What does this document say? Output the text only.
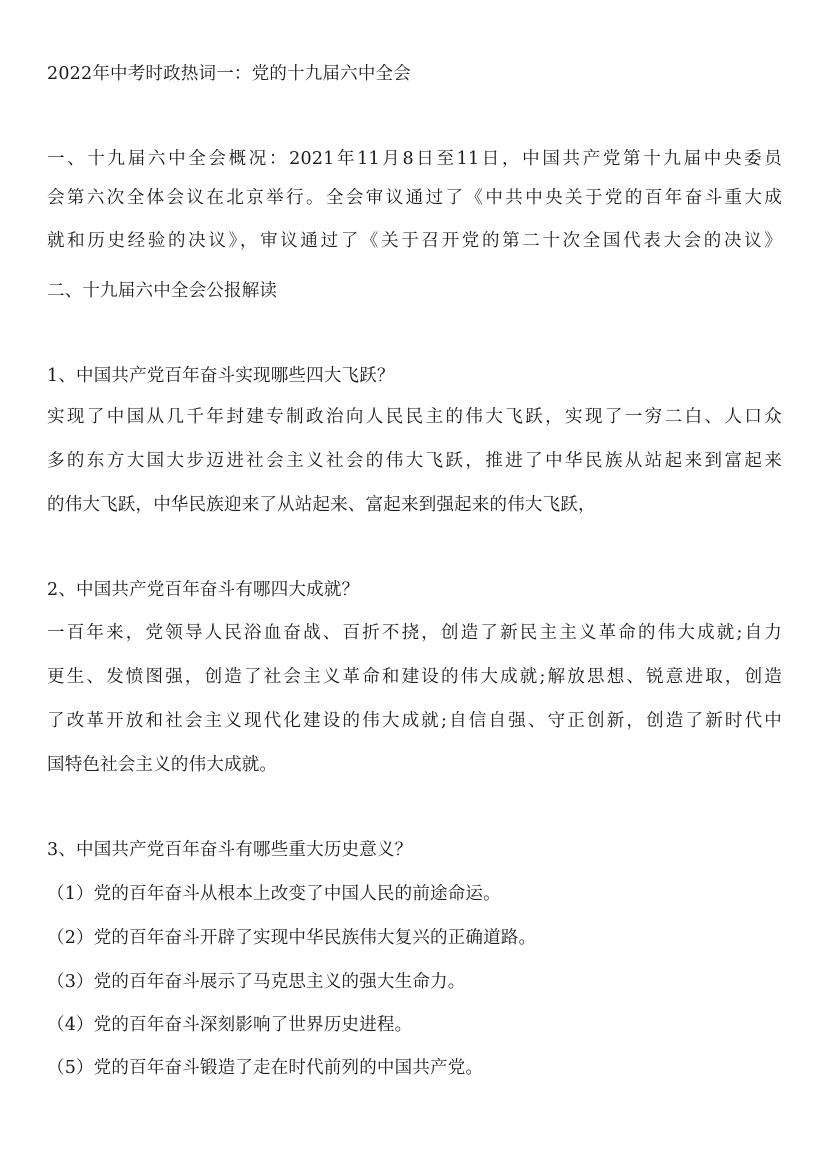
2022年中考时政热词一：党的十九届六中全会
一、十九届六中全会概况：2021年11月8日至11日，中国共产党第十九届中央委员
会第六次全体会议在北京举行。全会审议通过了《中共中央关于党的百年奋斗重大成
就和历史经验的决议》，审议通过了《关于召开党的第二十次全国代表大会的决议》
二、十九届六中全会公报解读
1、中国共产党百年奋斗实现哪些四大飞跃？
实现了中国从几千年封建专制政治向人民民主的伟大飞跃，实现了一穷二白、人口众
多的东方大国大步迈进社会主义社会的伟大飞跃，推进了中华民族从站起来到富起来
的伟大飞跃，中华民族迎来了从站起来、富起来到强起来的伟大飞跃，
2、中国共产党百年奋斗有哪四大成就？
一百年来，党领导人民浴血奋战、百折不挠，创造了新民主主义革命的伟大成就;自力
更生、发愤图强，创造了社会主义革命和建设的伟大成就;解放思想、锐意进取，创造
了改革开放和社会主义现代化建设的伟大成就;自信自强、守正创新，创造了新时代中
国特色社会主义的伟大成就。
3、中国共产党百年奋斗有哪些重大历史意义？
（1）党的百年奋斗从根本上改变了中国人民的前途命运。
（2）党的百年奋斗开辟了实现中华民族伟大复兴的正确道路。
（3）党的百年奋斗展示了马克思主义的强大生命力。
（4）党的百年奋斗深刻影响了世界历史进程。
（5）党的百年奋斗锻造了走在时代前列的中国共产党。
